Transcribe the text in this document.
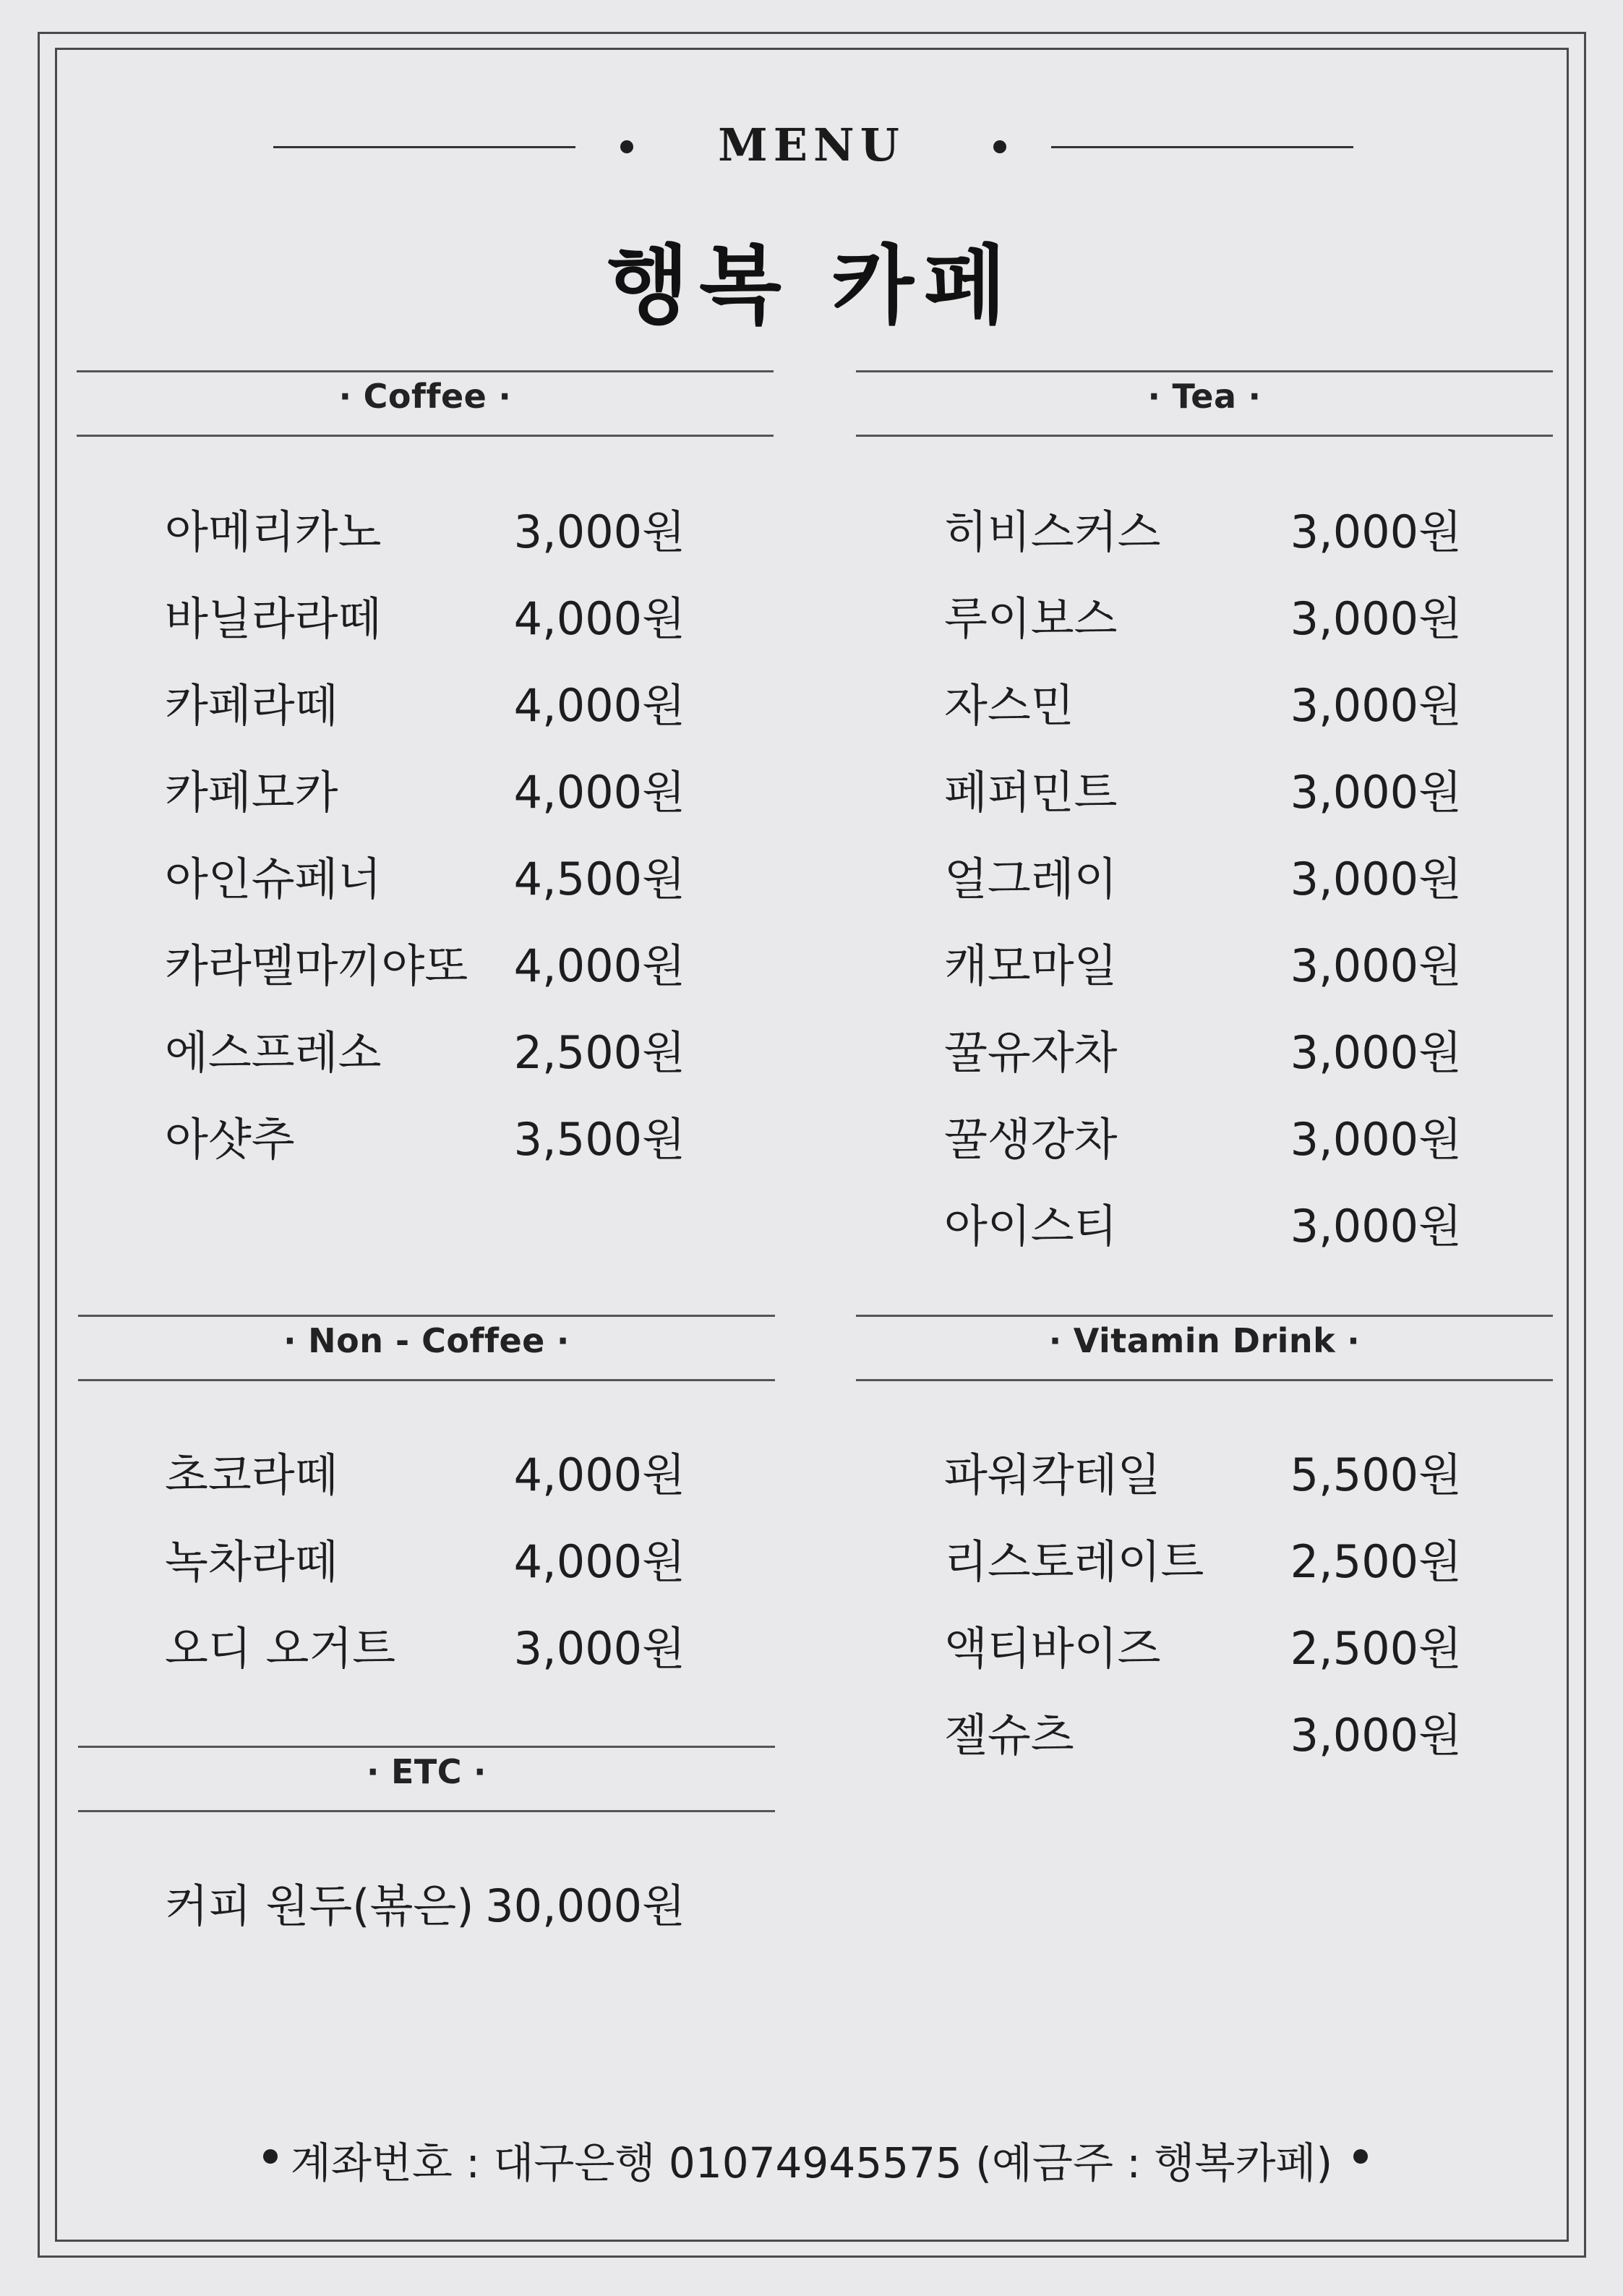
MENU
행복 카페
· Coffee ·
아메리카노	3,000원
바닐라라떼	4,000원
카페라떼	4,000원
카페모카	4,000원
아인슈페너	4,500원
카라멜마끼야또 4,000원
에스프레소	2,500원
아샷추	3,500원
· Tea ·
히비스커스	3,000원
루이보스	3,000원
자스민	3,000원
페퍼민트	3,000원
얼그레이	3,000원
캐모마일	3,000원
꿀유자차	3,000원
꿀생강차	3,000원
아이스티	3,000원
· Non - Coffee ·
초코라떼	4,000원
녹차라떼	4,000원
오디 오거트	3,000원
· Vitamin Drink ·
파워칵테일	5,500원
리스토레이트 2,500원
액티바이즈	2,500원
젤슈츠	3,000원
· ETC ·
커피 원두(볶은) 30,000원
계좌번호 : 대구은행 01074945575 (예금주 : 행복카페)
